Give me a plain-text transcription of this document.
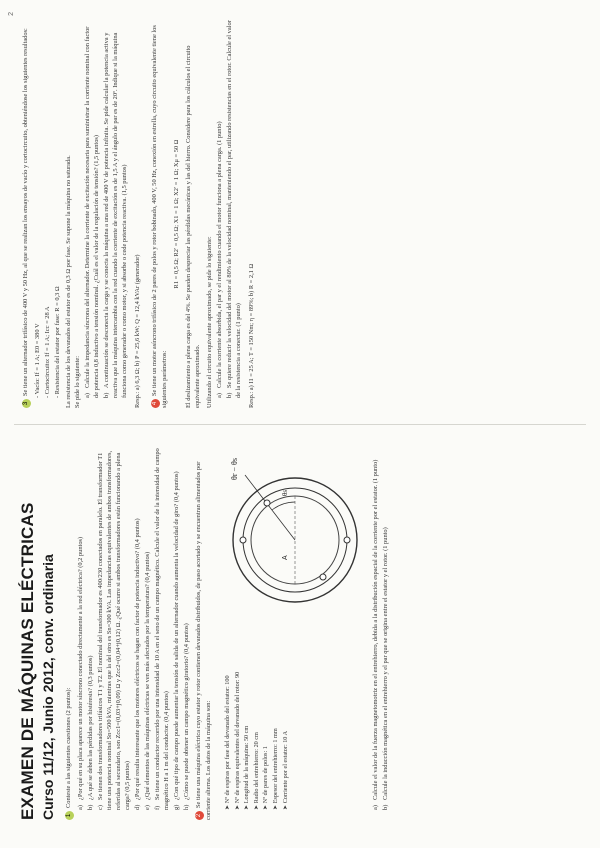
2
EXAMEN DE MÁQUINAS ELÉCTRICAS Curso 11/12, Junio 2012, conv. ordinaria	1Conteste a las siguientes cuestiones (2 puntos): a)¿Por qué en su placa aparece un motor síncrono conectado directamente a la red eléctrica? (0,2 puntos)
b)¿A qué se deben las pérdidas por histéresis? (0,3 puntos)
c)Se tienen dos transformadores trifásicos T1 y T2. El nominal del transformador es 400/230 conectados en paralelo. El transformador T1 tiene una potencia nominal Sn=500 kVA, mientras que la del otro es Sn=300 kVA. Las impedancias equivalentes de ambos transformadores, referidas al secundario, son Zcc1=(0,03+j0,09) Ω y Zcc2=(0,04+j0,12) Ω. ¿Qué ocurre si ambos transformadores están funcionando a plena carga? (0,5 puntos) d)¿Por qué resulta interesante que los motores eléctricos se hagan con factor de potencia inductivo? (0,4 puntos)
e)¿Qué elementos de las máquinas eléctricas se ven más afectados por la temperatura? (0,4 puntos)
f)Se tiene un conductor recorrido por una intensidad de 10 A en el seno de un campo magnético. Calcule el valor de la intensidad de campo magnético H a 1 m del conductor. (0,4 puntos) g)¿Con qué tipo de campo puede aumentar la tensión de salida de un alternador cuando aumenta la velocidad de giro? (0,4 puntos)
h)¿Cómo se puede obtener un campo magnético giratorio? (0,4 puntos)

2Se tiene una máquina eléctrica cuyo estator y rotor contienen devanados distribuidos, de paso acortado y se encuentran alimentados por corriente alterna. Los datos de la máquina son: ➤ Nº de espiras por fase del devanado del estator: 100
➤ Nº de espiras equivalentes del devanado del rotor: 90
➤ Longitud de la máquina: 50 cm
➤ Radio del entrehierro: 20 cm
➤ Nº de pares de polos: 1
➤ Espesor del entrehierro: 1 mm
➤ Corriente por el estator: 10 A
θr − θs
θs
A
a)Calcule el valor de la fuerza magnetomotriz en el entrehierro, debida a la distribución espacial de la corriente por el estator. (1 punto)
b)Calcule la inducción magnética en el entrehierro y el par que se origina entre el estator y el rotor. (1 punto)

3Se tiene un alternador trifásico de 400 V y 50 Hz, al que se realizan los ensayos de vacío y cortocircuito, obteniéndose los siguientes resultados:

- Vacío: If = 1 A; E0 = 380 V
- Cortocircuito: If = 1 A; Icc = 28 A
- Resistencia del estator por fase: R = 0,3 Ω La resistencia de los devanados del estator es de 0,3 Ω por fase. Se supone la máquina no saturada. Se pide lo siguiente: a)Calcule la impedancia síncrona del alternador. Determine la corriente de excitación necesaria para suministrar la corriente nominal con factor de potencia 0,8 inductivo a tensión nominal. ¿Cuál es el valor de la regulación de tensión? (1,5 puntos) b)A continuación se desconecta la carga y se conecta la máquina a una red de 400 V de potencia infinita. Se pide calcular la potencia activa y reactiva que la máquina intercambia con la red cuando la corriente de excitación es de 1,5 A y el ángulo de par es de 20º. Indique si la máquina funciona como generador o como motor, y si absorbe o cede potencia reactiva. (1,5 puntos) Resp.: a) 6,3 Ω; b) P = 25,6 kW; Q = 12,4 kVAr (generador)	4Se tiene un motor asíncrono trifásico de 2 pares de polos y rotor bobinado, 400 V, 50 Hz, conexión en estrella, cuyo circuito equivalente tiene los siguientes parámetros:

R1 = 0,5 Ω; R2' = 0,5 Ω; X1 = 1 Ω; X2' = 1 Ω; Xμ = 50 Ω El deslizamiento a plena carga es del 4%. Se pueden despreciar las pérdidas mecánicas y las del hierro. Considere para los cálculos el circuito equivalente aproximado. Utilizando el circuito equivalente aproximado, se pide lo siguiente: a)Calcule la corriente absorbida, el par y el rendimiento cuando el motor funciona a plena carga. (1 punto)
b)Se quiere reducir la velocidad del motor al 80% de la velocidad nominal, manteniendo el par, utilizando resistencias en el rotor. Calcule el valor de la resistencia a conectar. (1 punto) Resp.: a) I1 = 25 A; T = 150 Nm; η = 89%; b) R = 2,1 Ω
